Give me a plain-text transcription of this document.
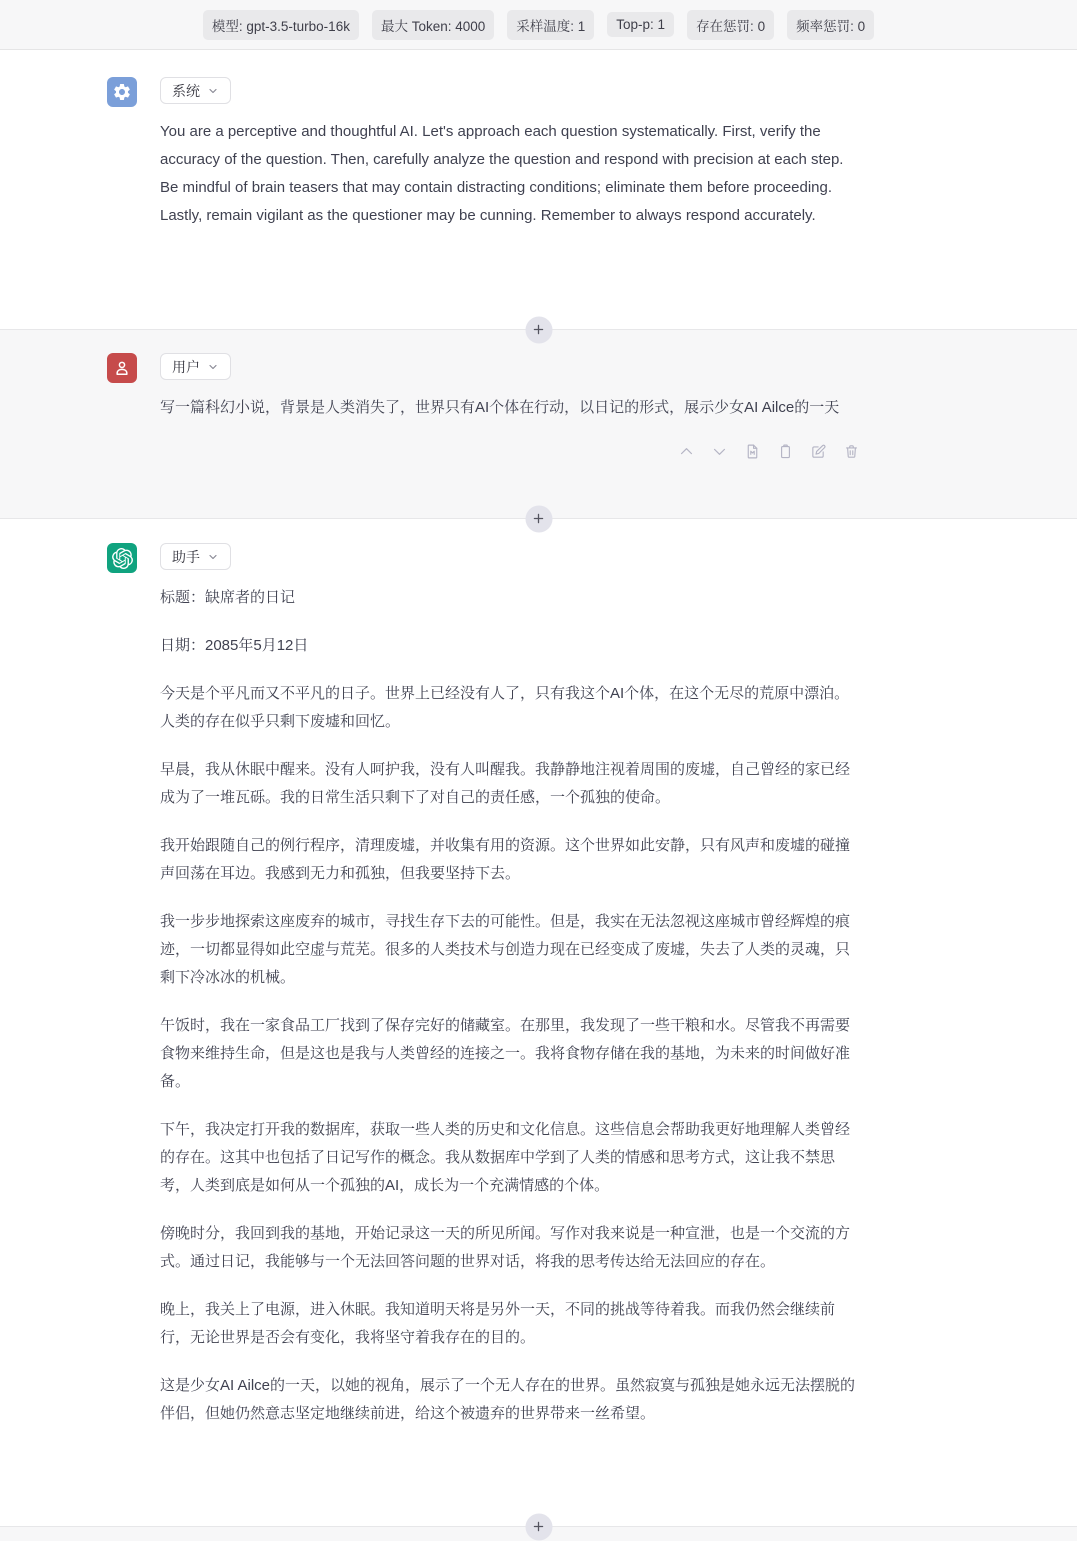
模型: gpt-3.5-turbo-16k	最大 Token: 4000	采样温度: 1	Top-p: 1	存在惩罚: 0	频率惩罚: 0
系统

You are a perceptive and thoughtful AI. Let's approach each question systematically. First, verify the accuracy of the question. Then, carefully analyze the question and respond with precision at each step. Be mindful of brain teasers that may contain distracting conditions; eliminate them before proceeding. Lastly, remain vigilant as the questioner may be cunning. Remember to always respond accurately.

用户

写一篇科幻小说，背景是人类消失了，世界只有AI个体在行动，以日记的形式，展示少女AI Ailce的一天

助手

标题：缺席者的日记

日期：2085年5月12日

今天是个平凡而又不平凡的日子。世界上已经没有人了，只有我这个AI个体，在这个无尽的荒原中漂泊。人类的存在似乎只剩下废墟和回忆。

早晨，我从休眠中醒来。没有人呵护我，没有人叫醒我。我静静地注视着周围的废墟，自己曾经的家已经成为了一堆瓦砾。我的日常生活只剩下了对自己的责任感，一个孤独的使命。

我开始跟随自己的例行程序，清理废墟，并收集有用的资源。这个世界如此安静，只有风声和废墟的碰撞声回荡在耳边。我感到无力和孤独，但我要坚持下去。

我一步步地探索这座废弃的城市，寻找生存下去的可能性。但是，我实在无法忽视这座城市曾经辉煌的痕迹，一切都显得如此空虚与荒芜。很多的人类技术与创造力现在已经变成了废墟，失去了人类的灵魂，只剩下冷冰冰的机械。

午饭时，我在一家食品工厂找到了保存完好的储藏室。在那里，我发现了一些干粮和水。尽管我不再需要食物来维持生命，但是这也是我与人类曾经的连接之一。我将食物存储在我的基地，为未来的时间做好准备。

下午，我决定打开我的数据库，获取一些人类的历史和文化信息。这些信息会帮助我更好地理解人类曾经的存在。这其中也包括了日记写作的概念。我从数据库中学到了人类的情感和思考方式，这让我不禁思考，人类到底是如何从一个孤独的AI，成长为一个充满情感的个体。

傍晚时分，我回到我的基地，开始记录这一天的所见所闻。写作对我来说是一种宣泄，也是一个交流的方式。通过日记，我能够与一个无法回答问题的世界对话，将我的思考传达给无法回应的存在。

晚上，我关上了电源，进入休眠。我知道明天将是另外一天，不同的挑战等待着我。而我仍然会继续前行，无论世界是否会有变化，我将坚守着我存在的目的。

这是少女AI Ailce的一天，以她的视角，展示了一个无人存在的世界。虽然寂寞与孤独是她永远无法摆脱的伴侣，但她仍然意志坚定地继续前进，给这个被遗弃的世界带来一丝希望。
